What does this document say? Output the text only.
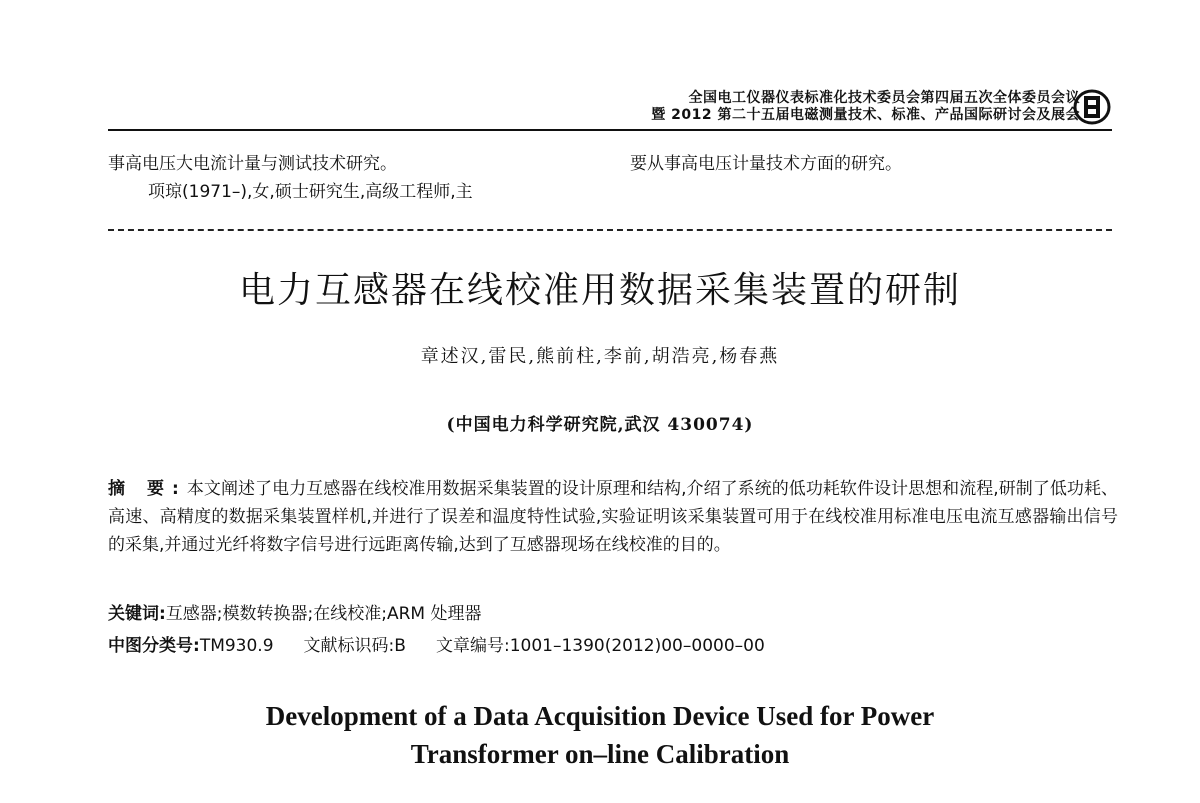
全国电工仪器仪表标准化技术委员会第四届五次全体委员会议
暨 2012 第二十五届电磁测量技术、标准、产品国际研讨会及展会
事高电压大电流计量与测试技术研究。
项琼(1971–),女,硕士研究生,高级工程师,主
要从事高电压计量技术方面的研究。
电力互感器在线校准用数据采集装置的研制
章述汉,雷民,熊前柱,李前,胡浩亮,杨春燕
(中国电力科学研究院,武汉 430074)
摘 要:本文阐述了电力互感器在线校准用数据采集装置的设计原理和结构,介绍了系统的低功耗软件设计思想和流程,研制了低功耗、高速、高精度的数据采集装置样机,并进行了误差和温度特性试验,实验证明该采集装置可用于在线校准用标准电压电流互感器输出信号的采集,并通过光纤将数字信号进行远距离传输,达到了互感器现场在线校准的目的。
关键词:互感器;模数转换器;在线校准;ARM 处理器
中图分类号:TM930.9 文献标识码:B 文章编号:1001–1390(2012)00–0000–00
Development of a Data Acquisition Device Used for Power
Transformer on–line Calibration
